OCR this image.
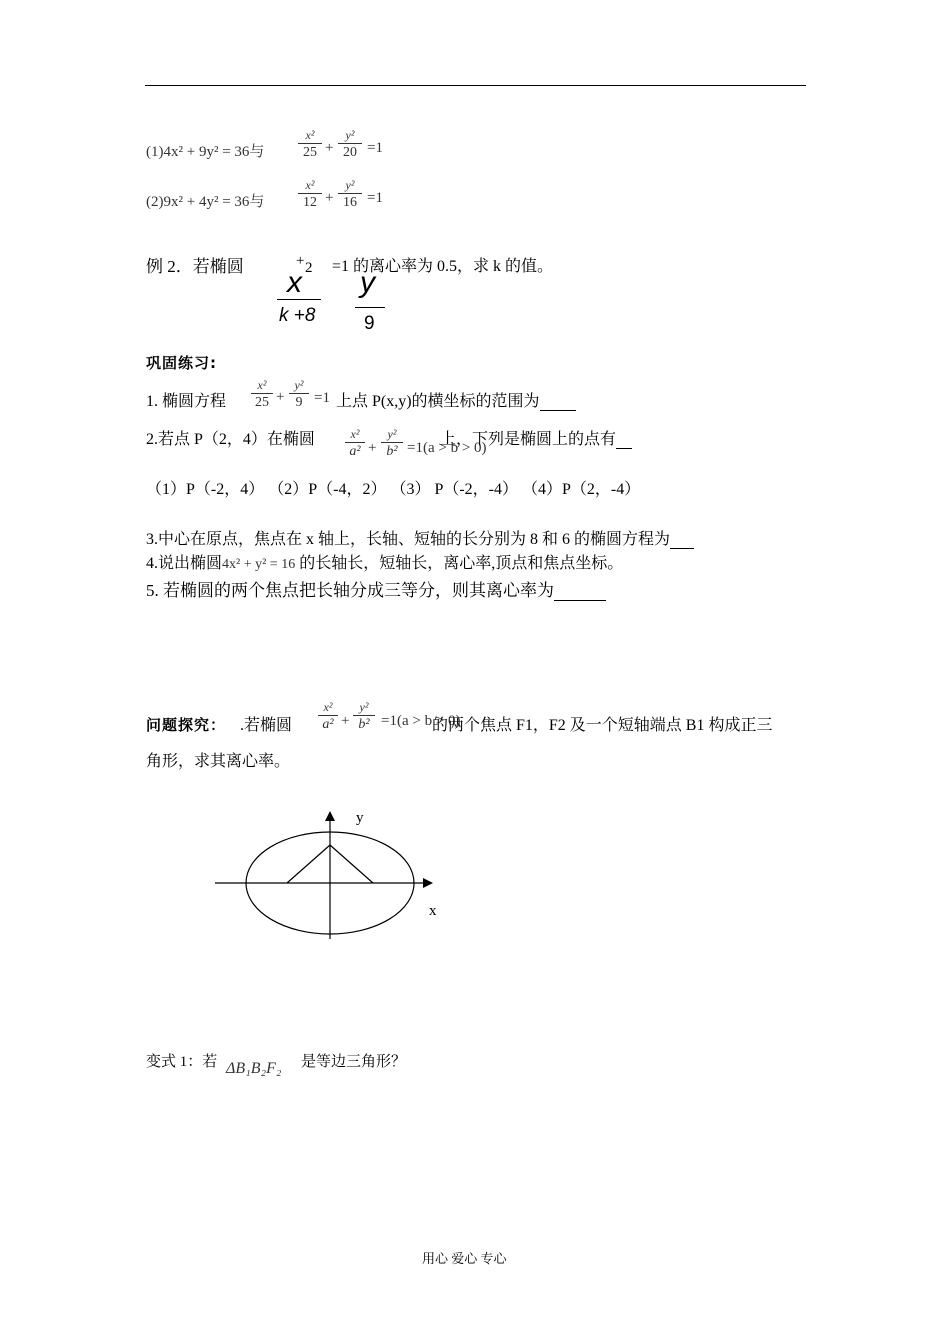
(1)4x² + 9y² = 36与	$\frac{\text{x²}}{25} + \frac{\text{y²}}{20} =1$
(2)9x² + 4y² = 36与	$\frac{\text{x²}}{12} + \frac{\text{y²}}{16} =1$
例 2．若椭圆	+ 2 =1 的离心率为 0.5，求 k 的值。
x y
k +8	9
巩固练习:
1. 椭圆方程 $\frac{\text{x²}}{25} + \frac{\text{y²}}{9} =1$ 上点 P(x,y)的横坐标的范围为
2.若点 P（2，4）在椭圆	$\frac{\text{x²}}{\text{a²}} + \frac{\text{y²}}{\text{b²}} =1(a > b > 0)$
上，下列是椭圆上的点有
（1）P（-2，4） （2）P（-4，2） （3） P（-2，-4） （4）P（2，-4）
3.中心在原点，焦点在 x 轴上，长轴、短轴的长分别为 8 和 6 的椭圆方程为
4.说出椭圆4x² + y² = 16 的长轴长，短轴长，离心率,顶点和焦点坐标。
5. 若椭圆的两个焦点把长轴分成三等分，则其离心率为
问题探究： .若椭圆 $\frac{\text{x²}}{\text{a²}} + \frac{\text{y²}}{\text{b²}} =1(a > b > 0)$
的两个焦点 F1，F2 及一个短轴端点 B1 构成正三
角形，求其离心率。
y
x
变式 1：若 ΔB₁B₂F₂ 是等边三角形？
用心 爱心 专心
